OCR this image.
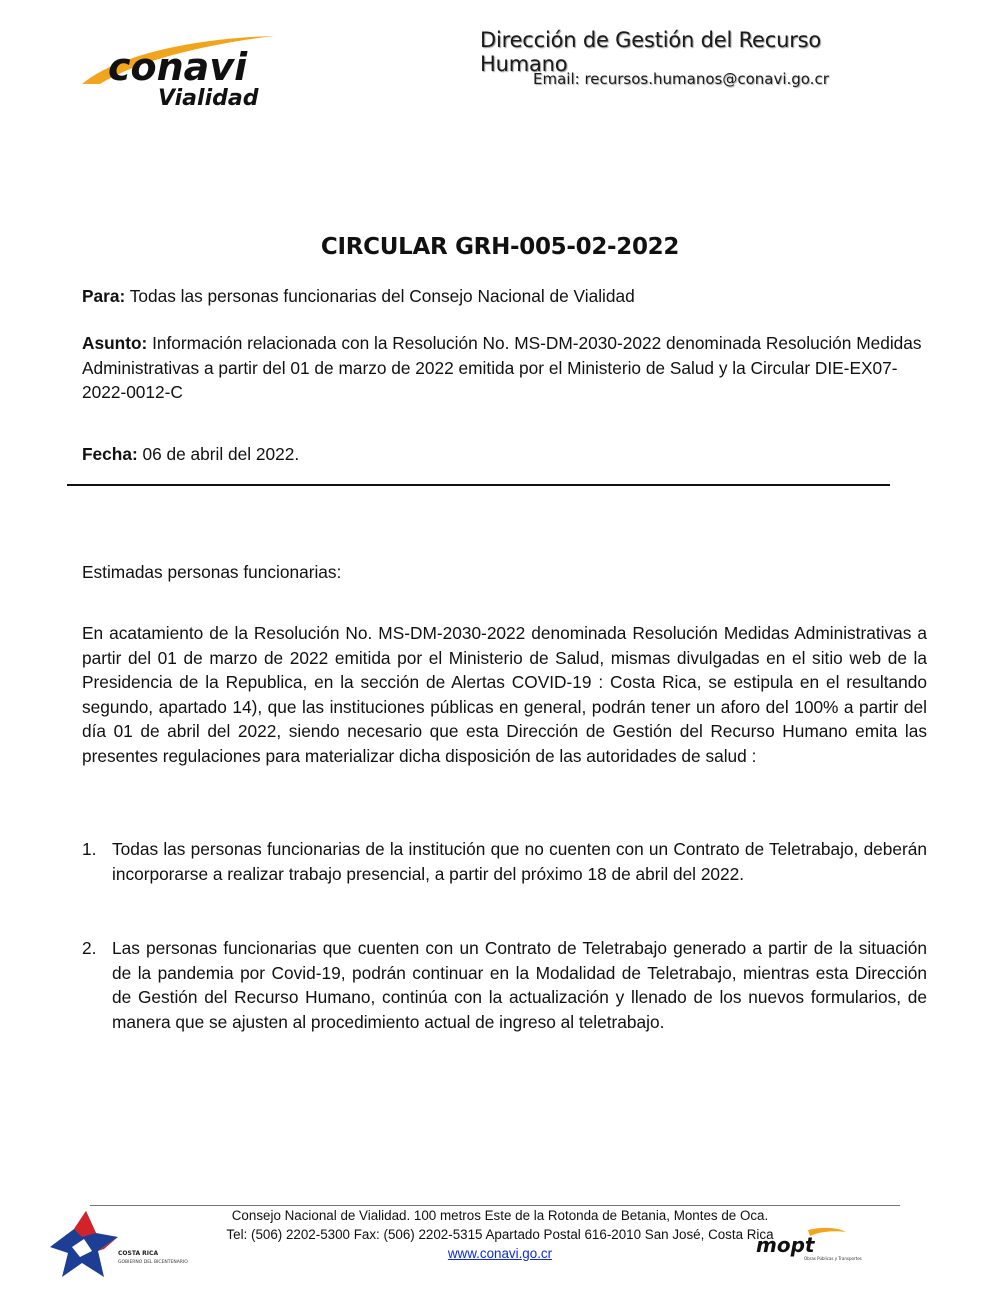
conavi
Vialidad
Dirección de Gestión del Recurso Humano
Email: recursos.humanos@conavi.go.cr
CIRCULAR GRH-005-02-2022
Para: Todas las personas funcionarias del Consejo Nacional de Vialidad
Asunto: Información relacionada con la Resolución No. MS-DM-2030-2022 denominada Resolución Medidas Administrativas a partir del 01 de marzo de 2022 emitida por el Ministerio de Salud y la Circular DIE-EX07-2022-0012-C
Fecha: 06 de abril del 2022.
Estimadas personas funcionarias:
En acatamiento de la Resolución No. MS-DM-2030-2022 denominada Resolución Medidas Administrativas a partir del 01 de marzo de 2022 emitida por el Ministerio de Salud, mismas divulgadas en el sitio web de la Presidencia de la Republica, en la sección de Alertas COVID-19 : Costa Rica, se estipula en el resultando segundo, apartado 14), que las instituciones públicas en general, podrán tener un aforo del 100% a partir del día 01 de abril del 2022, siendo necesario que esta Dirección de Gestión del Recurso Humano emita las presentes regulaciones para materializar dicha disposición de las autoridades de salud :
1. Todas las personas funcionarias de la institución que no cuenten con un Contrato de Teletrabajo, deberán incorporarse a realizar trabajo presencial, a partir del próximo 18 de abril del 2022.
2. Las personas funcionarias que cuenten con un Contrato de Teletrabajo generado a partir de la situación de la pandemia por Covid-19, podrán continuar en la Modalidad de Teletrabajo, mientras esta Dirección de Gestión del Recurso Humano, continúa con la actualización y llenado de los nuevos formularios, de manera que se ajusten al procedimiento actual de ingreso al teletrabajo.
COSTA RICA
GOBIERNO DEL BICENTENARIO
Consejo Nacional de Vialidad. 100 metros Este de la Rotonda de Betania, Montes de Oca.
Tel: (506) 2202-5300 Fax: (506) 2202-5315 Apartado Postal 616-2010 San José, Costa Rica
www.conavi.go.cr	mopt
Obras Públicas y Transportes
